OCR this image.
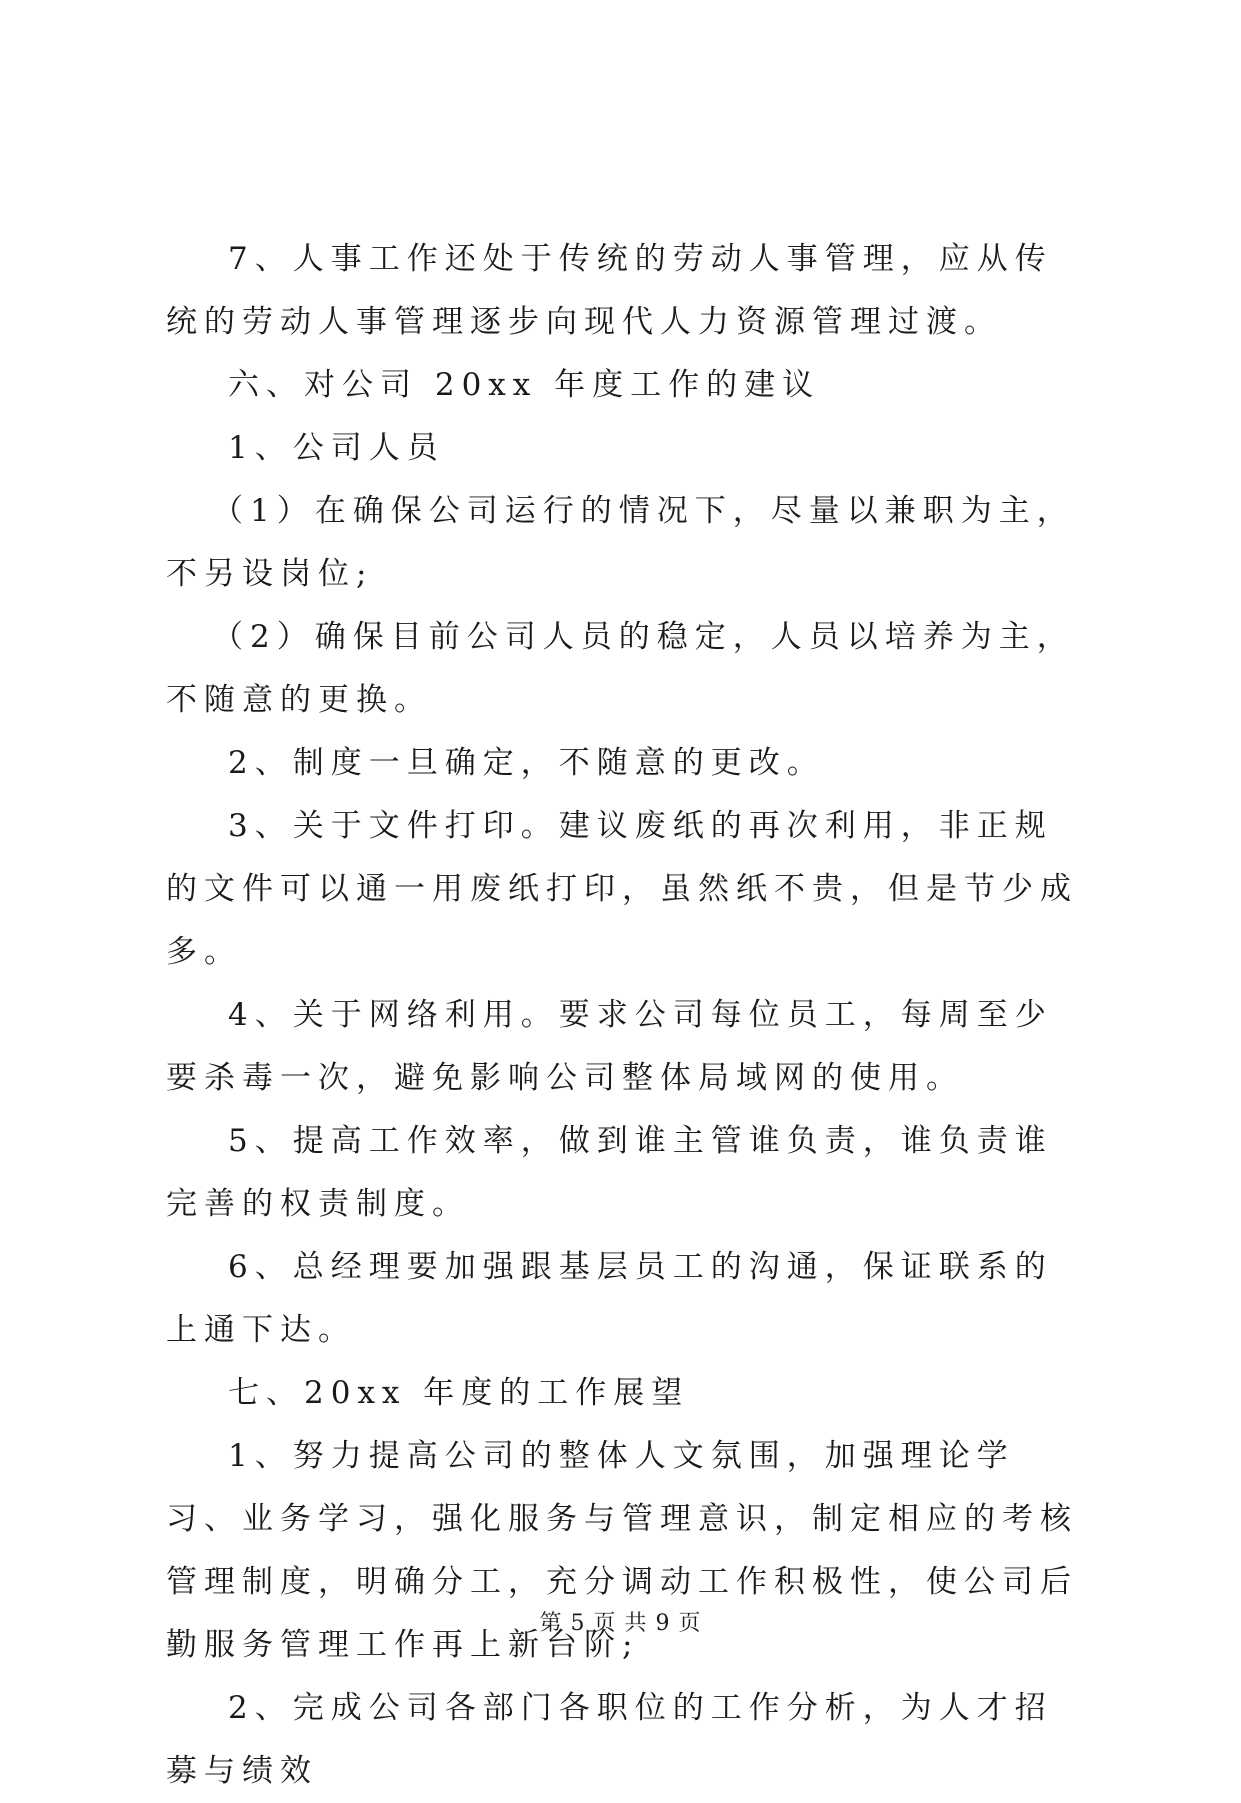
7、人事工作还处于传统的劳动人事管理，应从传统的劳动人事管理逐步向现代人力资源管理过渡。

六、对公司 20xx 年度工作的建议

1、公司人员

（1）在确保公司运行的情况下，尽量以兼职为主，不另设岗位;

（2）确保目前公司人员的稳定，人员以培养为主，不随意的更换。

2、制度一旦确定，不随意的更改。

3、关于文件打印。建议废纸的再次利用，非正规的文件可以通一用废纸打印，虽然纸不贵，但是节少成多。

4、关于网络利用。要求公司每位员工，每周至少要杀毒一次，避免影响公司整体局域网的使用。

5、提高工作效率，做到谁主管谁负责，谁负责谁完善的权责制度。

6、总经理要加强跟基层员工的沟通，保证联系的上通下达。

七、20xx 年度的工作展望

1、努力提高公司的整体人文氛围，加强理论学习、业务学习，强化服务与管理意识，制定相应的考核管理制度，明确分工，充分调动工作积极性，使公司后勤服务管理工作再上新台阶;

2、完成公司各部门各职位的工作分析，为人才招募与绩效

第 5 页 共 9 页
